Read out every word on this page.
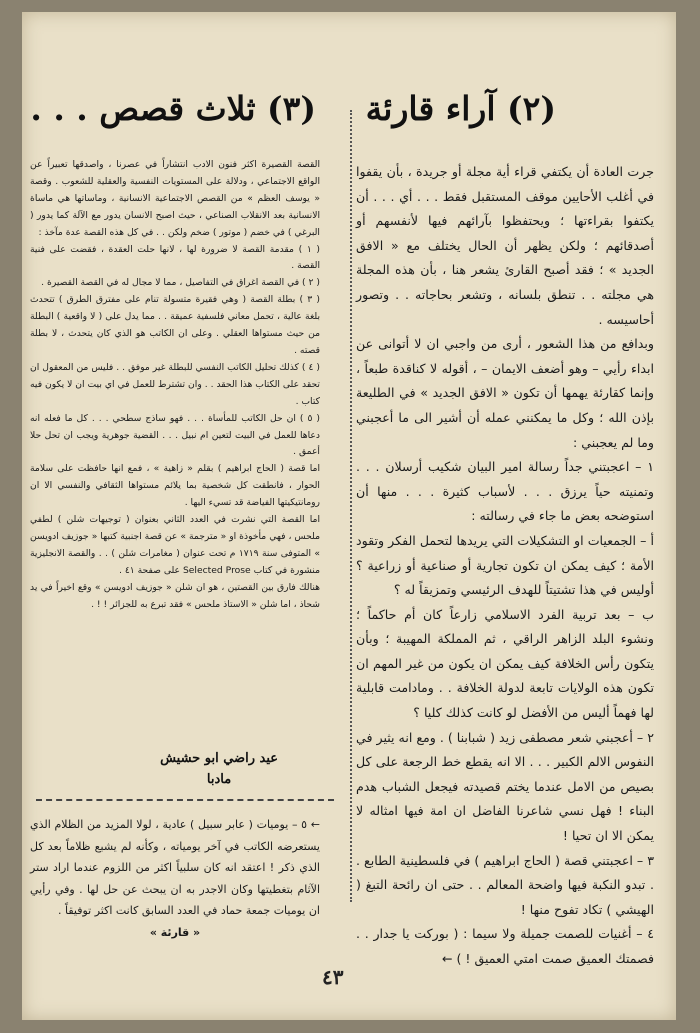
(٢) آراء قارئة

جرت العادة أن يكتفي قراء أية مجلة أو جريدة ، بأن يقفوا في أغلب الأحايين موقف المستقبل فقط . . . أي . . . أن يكتفوا بقراءتها ؛ ويحتفظوا بآرائهم فيها لأنفسهم أو أصدقائهم ؛ ولكن يظهر أن الحال يختلف مع « الافق الجديد » ؛ فقد أصبح القارئ يشعر هنا ، بأن هذه المجلة هي مجلته . . تنطق بلسانه ، وتشعر بحاجاته . . وتصور أحاسيسه .

وبدافع من هذا الشعور ، أرى من واجبي ان لا أتوانى عن ابداء رأيي – وهو أضعف الايمان – ، أقوله لا كناقدة طبعاً ، وإنما كقارئة يهمها أن تكون « الافق الجديد » في الطليعة بإذن الله ؛ وكل ما يمكنني عمله أن أشير الى ما أعجبني وما لم يعجبني :

١ – اعجبتني جداً رسالة امير البيان شكيب أرسلان . . . وتمنيته حياً يرزق . . . لأسباب كثيرة . . . منها أن استوضحه بعض ما جاء في رسالته :

أ – الجمعيات او التشكيلات التي يريدها لتحمل الفكر وتقود الأمة ؛ كيف يمكن ان تكون تجارية أو صناعية أو زراعية ؟ أوليس في هذا تشتيتاً للهدف الرئيسي وتمزيقاً له ؟

ب – بعد تربية الفرد الاسلامي زارعاً كان أم حاكماً ؛ ونشوء البلد الزاهر الراقي ، ثم المملكة المهيبة ؛ وبأن يتكون رأس الخلافة كيف يمكن ان يكون من غير المهم ان تكون هذه الولايات تابعة لدولة الخلافة . . ومادامت قابلية لها فهماً أليس من الأفضل لو كانت كذلك كليا ؟

٢ – أعجبني شعر مصطفى زيد ( شبابنا ) . ومع انه يثير في النفوس الالم الكبير . . . الا انه يقطع خط الرجعة على كل بصيص من الامل عندما يختم قصيدته فيجعل الشباب هدم البناء ! فهل نسي شاعرنا الفاضل ان امة فيها امثاله لا يمكن الا ان تحيا !

٣ – اعجبتني قصة ( الحاج ابراهيم ) في فلسطينية الطابع . . تبدو النكبة فيها واضحة المعالم . . حتى ان رائحة التبغ ( الهيشي ) تكاد تفوح منها !

٤ – أغنيات للصمت جميلة ولا سيما : ( بوركت يا جدار . . فصمتك العميق صمت امتي العميق ! ) ←

(٣) ثلاث قصص . . .

القصة القصيرة اكثر فنون الادب انتشاراً في عصرنا ، واصدقها تعبيراً عن الواقع الاجتماعي ، ودلالة على المستويات النفسية والعقلية للشعوب . وقصة « يوسف العظم » من القصص الاجتماعية الانسانية ، وماساتها هي ماساة الانسانية بعد الانقلاب الصناعي ، حيث اصبح الانسان يدور مع الآلة كما يدور ( البرغي ) في خضم ( موتور ) ضخم ولكن . . في كل هذه القصة عدة مآخذ :

( ١ ) مقدمة القصة لا ضرورة لها ، لانها حلت العقدة ، فقضت على فنية القصة .

( ٢ ) في القصة اغراق في التفاصيل ، مما لا مجال له في القصة القصيرة .

( ٣ ) بطلة القصة ( وهي فقيرة متسولة تنام على مفترق الطرق ) تتحدث بلغة عالية ، تحمل معاني فلسفية عميقة . . مما يدل على ( لا واقعية ) البطلة من حيث مستواها العقلي . وعلى ان الكاتب هو الذي كان يتحدث ، لا بطلة قصته .

( ٤ ) كذلك تحليل الكاتب النفسي للبطلة غير موفق . . فليس من المعقول ان تحقد على الكتاب هذا الحقد . . وان تشترط للعمل في اي بيت ان لا يكون فيه كتاب .

( ٥ ) ان حل الكاتب للمأساة . . . فهو ساذج سطحي . . . كل ما فعله انه دعاها للعمل في البيت لتعين ام نبيل . . . القضية جوهرية ويجب ان تحل حلا أعمق .

اما قصة ( الحاج ابراهيم ) بقلم « زاهية » ، فمع انها حافظت على سلامة الحوار ، فانطقت كل شخصية بما يلائم مستواها الثقافي والنفسي الا ان رومانتيكيتها الفياضة قد تسيء اليها .

اما القصة التي نشرت في العدد الثاني بعنوان ( توجيهات شلن ) لطفي ملحس ، فهي مأخوذة او « مترجمة » عن قصة اجنبية كتبها « جوزيف ادويسن » المتوفى سنة ١٧١٩ م تحت عنوان ( مغامرات شلن ) . . والقصة الانجليزية منشورة في كتاب Selected Prose على صفحة ٤١ .

هنالك فارق بين القصتين ، هو ان شلن « جوزيف ادويسن » وقع اخيراً في يد شحاذ ، اما شلن « الاستاذ ملحس » فقد تبرع به للجزائر ! ! .

عيد راضي ابو حشيش
مادبا
← ٥ – يوميات ( عابر سبيل ) عادية ، لولا المزيد من الظلام الذي يستعرضه الكاتب في آخر يومياته ، وكأنه لم يشبع ظلاماً بعد كل الذي ذكر ! اعتقد انه كان سلبياً اكثر من اللزوم عندما اراد ستر الآثام بتغطيتها وكان الاجدر به ان يبحث عن حل لها . وفي رأيي ان يوميات جمعة حماد في العدد السابق كانت اكثر توفيقاً .
« قارئة »
٤٣
